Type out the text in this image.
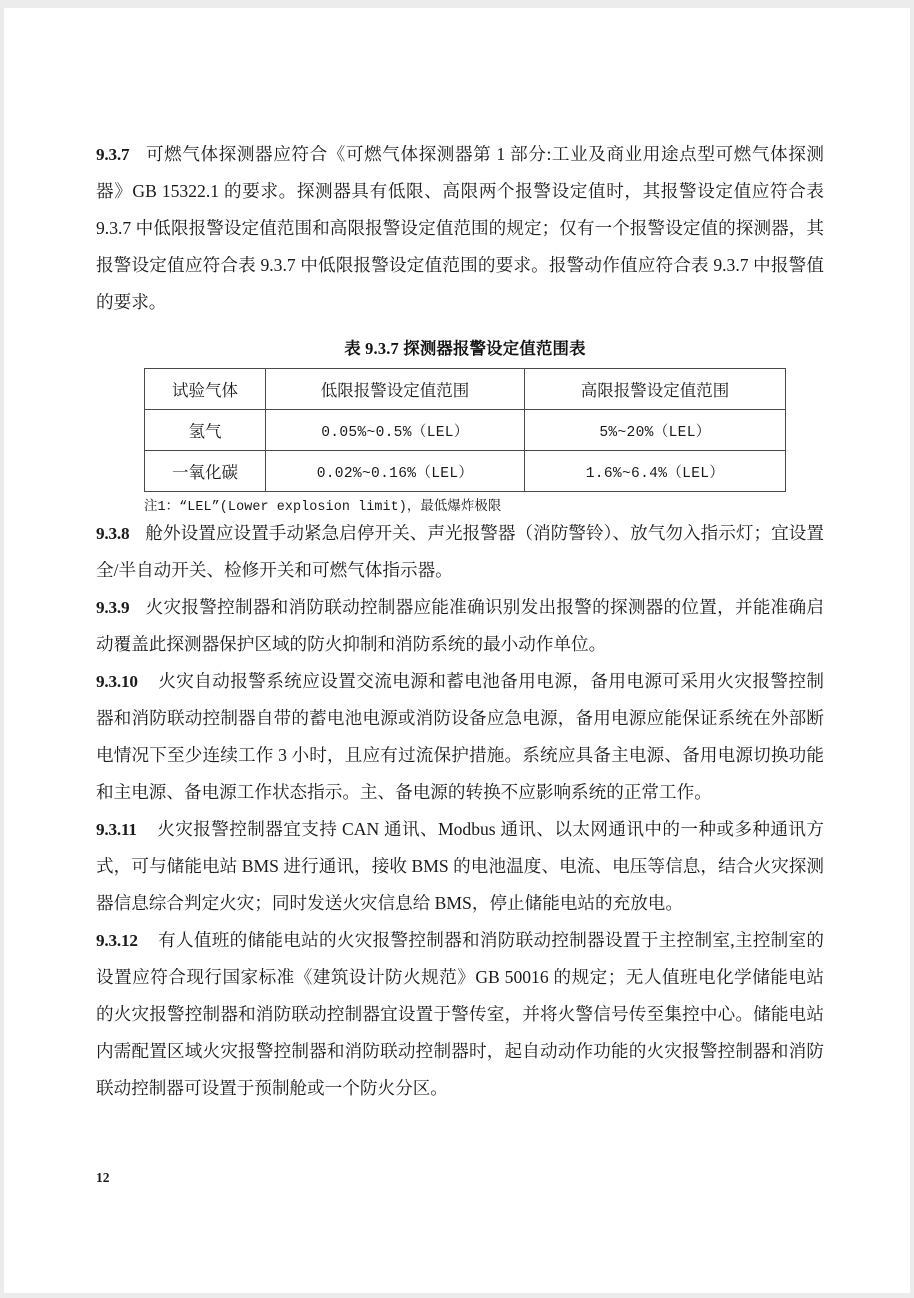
9.3.7 可燃气体探测器应符合《可燃气体探测器第 1 部分:工业及商业用途点型可燃气体探测器》GB 15322.1 的要求。探测器具有低限、高限两个报警设定值时，其报警设定值应符合表 9.3.7 中低限报警设定值范围和高限报警设定值范围的规定；仅有一个报警设定值的探测器，其报警设定值应符合表 9.3.7 中低限报警设定值范围的要求。报警动作值应符合表 9.3.7 中报警值的要求。

表 9.3.7 探测器报警设定值范围表
试验气体	低限报警设定值范围	高限报警设定值范围
氢气	0.05%~0.5%（LEL）	5%~20%（LEL）
一氧化碳	0.02%~0.16%（LEL）	1.6%~6.4%（LEL）
注1：“LEL”(Lower explosion limit)，最低爆炸极限

9.3.8 舱外设置应设置手动紧急启停开关、声光报警器（消防警铃）、放气勿入指示灯；宜设置全/半自动开关、检修开关和可燃气体指示器。

9.3.9 火灾报警控制器和消防联动控制器应能准确识别发出报警的探测器的位置，并能准确启动覆盖此探测器保护区域的防火抑制和消防系统的最小动作单位。

9.3.10 火灾自动报警系统应设置交流电源和蓄电池备用电源，备用电源可采用火灾报警控制器和消防联动控制器自带的蓄电池电源或消防设备应急电源，备用电源应能保证系统在外部断电情况下至少连续工作 3 小时，且应有过流保护措施。系统应具备主电源、备用电源切换功能和主电源、备电源工作状态指示。主、备电源的转换不应影响系统的正常工作。

9.3.11 火灾报警控制器宜支持 CAN 通讯、Modbus 通讯、以太网通讯中的一种或多种通讯方式，可与储能电站 BMS 进行通讯，接收 BMS 的电池温度、电流、电压等信息，结合火灾探测器信息综合判定火灾；同时发送火灾信息给 BMS，停止储能电站的充放电。

9.3.12 有人值班的储能电站的火灾报警控制器和消防联动控制器设置于主控制室,主控制室的设置应符合现行国家标准《建筑设计防火规范》GB 50016 的规定；无人值班电化学储能电站的火灾报警控制器和消防联动控制器宜设置于警传室，并将火警信号传至集控中心。储能电站内需配置区域火灾报警控制器和消防联动控制器时，起自动动作功能的火灾报警控制器和消防联动控制器可设置于预制舱或一个防火分区。

12
